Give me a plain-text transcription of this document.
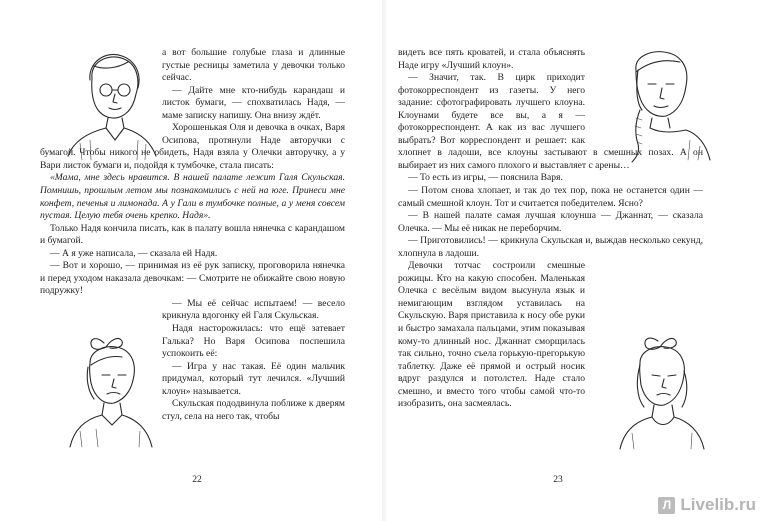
а вот большие голубые глаза и длинные густые ресницы заметила у девочки только сейчас.

— Дайте мне кто-нибудь карандаш и листок бумаги, — спохватилась Надя, — маме записку напишу. Она внизу ждёт.

Хорошенькая Оля и девочка в очках, Варя Осипова, протянули Наде авторучки с бумагой. Чтобы никого не обидеть, Надя взяла у Олечки авторучку, а у Вари листок бумаги и, подойдя к тумбочке, стала писать:

«Мама, мне здесь нравится. В нашей палате лежит Галя Скульская. Помнишь, прошлым летом мы познакомились с ней на юге. Принеси мне конфет, печенья и лимонада. А у Гали в тумбочке полные, а у меня совсем пустая. Целую тебя очень крепко. Надя».

Только Надя кончила писать, как в палату вошла нянечка с карандашом и бумагой.

— А я уже написала, — сказала ей Надя.

— Вот и хорошо, — принимая из её рук записку, проговорила нянечка и перед уходом наказала девочкам: — Смотрите не обижайте свою новую подружку!

— Мы её сейчас испытаем! — весело крикнула вдогонку ей Галя Скульская.

Надя насторожилась: что ещё затевает Галька? Но Варя Осипова поспешила успокоить её:

— Игра у нас такая. Её один мальчик придумал, который тут лечился. «Лучший клоун» называется.

Скульская пододвинула поближе к дверям стул, села на него так, чтобы

22

видеть все пять кроватей, и стала объяснять Наде игру «Лучший клоун».

— Значит, так. В цирк приходит фотокорреспондент из газеты. У него задание: сфотографировать лучшего клоуна. Клоунами будете все вы, а я — фотокорреспондент. А как из вас лучшего выбрать? Вот корреспондент и решает: как хлопнет в ладоши, все клоуны застывают в смешных позах. А он выбирает из них самого плохого и выставляет с арены…

— То есть из игры, — пояснила Варя.

— Потом снова хлопает, и так до тех пор, пока не останется один — самый смешной клоун. Тот и считается победителем. Ясно?

— В нашей палате самая лучшая клоунша — Джаннат, — сказала Олечка. — Мы её никак не переборчим.

— Приготовились! — крикнула Скульская и, выждав несколько секунд, хлопнула в ладоши.

Девочки тотчас состроили смешные рожицы. Кто на какую способен. Маленькая Олечка с весёлым видом высунула язык и немигающим взглядом уставилась на Скульскую. Варя приставила к носу обе руки и быстро замахала пальцами, этим показывая кому-то длинный нос. Джаннат сморщилась так сильно, точно съела горькую-прегорькую таблетку. Даже её прямой и острый носик вдруг раздулся и потолстел. Наде стало смешно, и вместо того чтобы самой что-то изобразить, она засмеялась.

23
Л Livelib.ru
